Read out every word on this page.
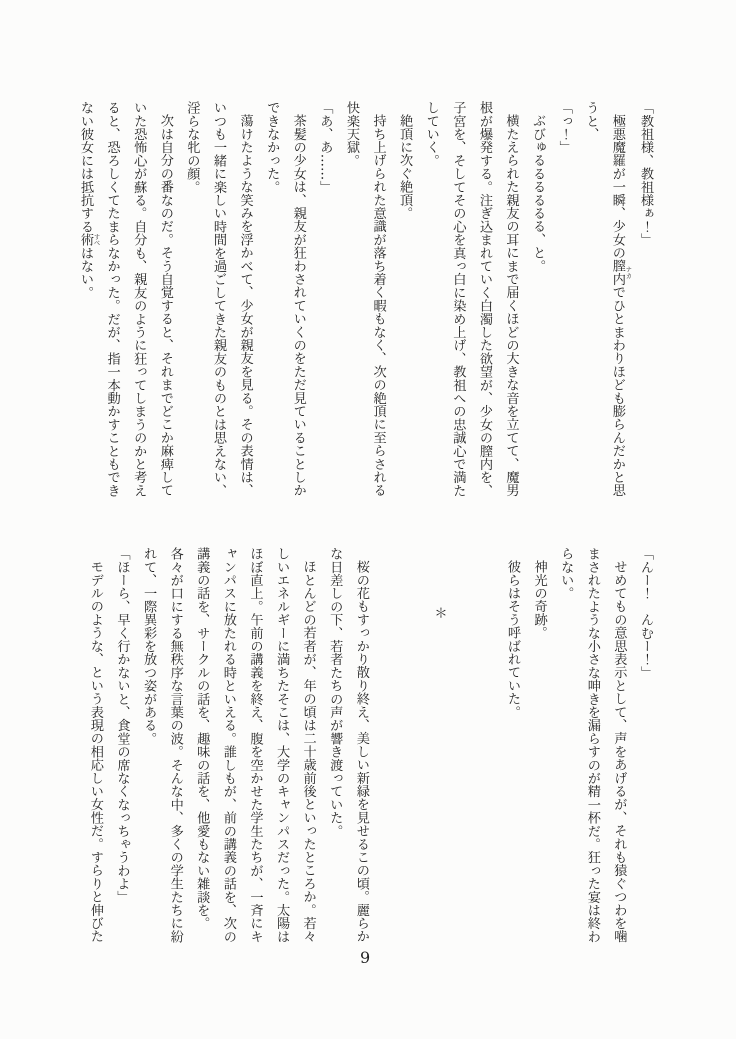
「教祖様、教祖様ぁ！」

極悪魔羅が一瞬、少女の膣内 ナカでひとまわりほども膨らんだかと思うと、

「っ！」

ぶびゅるるるるるる、と。

横たえられた親友の耳にまで届くほどの大きな音を立てて、魔男根が爆発する。注ぎ込まれていく白濁した欲望が、少女の膣内を、子宮を、そしてその心を真っ白に染め上げ、教祖への忠誠心で満たしていく。

絶頂に次ぐ絶頂。

持ち上げられた意識が落ち着く暇もなく、次の絶頂に至らされる快楽天獄。

「あ、あ……」

茶髪の少女は、親友が狂わされていくのをただ見ていることしかできなかった。

蕩けたような笑みを浮かべて、少女が親友を見る。その表情は、いつも一緒に楽しい時間を過ごしてきた親友のものとは思えない、淫らな牝の顔。

次は自分の番なのだ。そう自覚すると、それまでどこか麻痺していた恐怖心が蘇る。自分も、親友のように狂ってしまうのかと考えると、恐ろしくてたまらなかった。だが、指一本動かすこともできない彼女には抵抗する術 すべはない。

「んー！　んむー！」

せめてもの意思表示として、声をあげるが、それも猿ぐつわを噛まされたような小さな呻きを漏らすのが精一杯だ。狂った宴は終わらない。

神光の奇跡。

彼らはそう呼ばれていた。

＊

桜の花もすっかり散り終え、美しい新緑を見せるこの頃。麗らかな日差しの下、若者たちの声が響き渡っていた。

ほとんどの若者が、年の頃は二十歳前後といったところか。若々しいエネルギーに満ちたそこは、大学のキャンパスだった。太陽はほぼ直上。午前の講義を終え、腹を空かせた学生たちが、一斉にキャンパスに放たれる時といえる。誰しもが、前の講義の話を、次の講義の話を、サークルの話を、趣味の話を、他愛もない雑談を。

各々が口にする無秩序な言葉の波。そんな中、多くの学生たちに紛れて、一際異彩を放つ姿がある。

「ほーら、早く行かないと、食堂の席なくなっちゃうわよ」

モデルのような、という表現の相応しい女性だ。すらりと伸びた

9
